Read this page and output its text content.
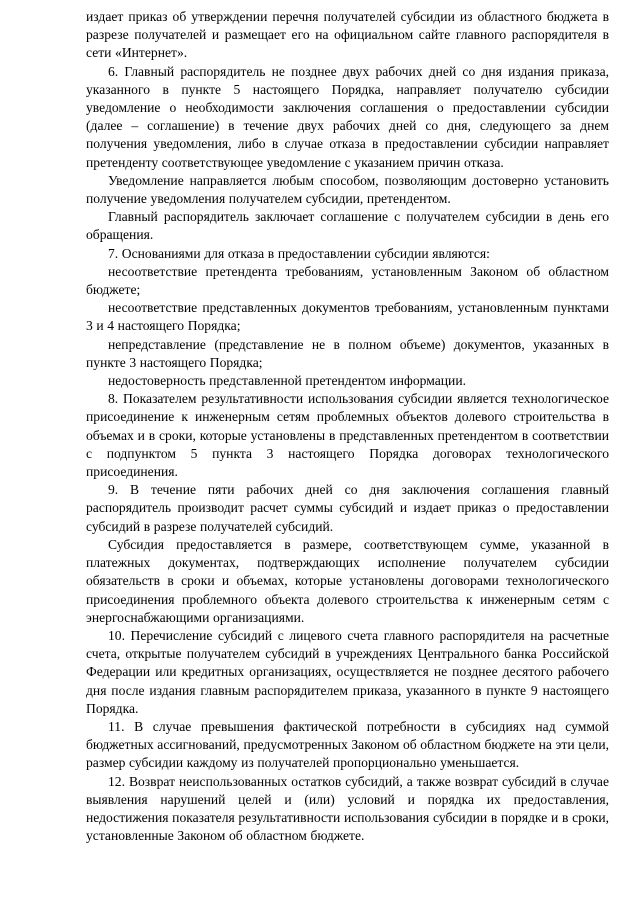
издает приказ об утверждении перечня получателей субсидии из областного бюджета в разрезе получателей и размещает его на официальном сайте главного распорядителя в сети «Интернет».

6. Главный распорядитель не позднее двух рабочих дней со дня издания приказа, указанного в пункте 5 настоящего Порядка, направляет получателю субсидии уведомление о необходимости заключения соглашения о предоставлении субсидии (далее – соглашение) в течение двух рабочих дней со дня, следующего за днем получения уведомления, либо в случае отказа в предоставлении субсидии направляет претенденту соответствующее уведомление с указанием причин отказа.

Уведомление направляется любым способом, позволяющим достоверно установить получение уведомления получателем субсидии, претендентом.

Главный распорядитель заключает соглашение с получателем субсидии в день его обращения.

7. Основаниями для отказа в предоставлении субсидии являются:

несоответствие претендента требованиям, установленным Законом об областном бюджете;

несоответствие представленных документов требованиям, установленным пунктами 3 и 4 настоящего Порядка;

непредставление (представление не в полном объеме) документов, указанных в пункте 3 настоящего Порядка;

недостоверность представленной претендентом информации.

8. Показателем результативности использования субсидии является технологическое присоединение к инженерным сетям проблемных объектов долевого строительства в объемах и в сроки, которые установлены в представленных претендентом в соответствии с подпунктом 5 пункта 3 настоящего Порядка договорах технологического присоединения.

9. В течение пяти рабочих дней со дня заключения соглашения главный распорядитель производит расчет суммы субсидий и издает приказ о предоставлении субсидий в разрезе получателей субсидий.

Субсидия предоставляется в размере, соответствующем сумме, указанной в платежных документах, подтверждающих исполнение получателем субсидии обязательств в сроки и объемах, которые установлены договорами технологического присоединения проблемного объекта долевого строительства к инженерным сетям с энергоснабжающими организациями.

10. Перечисление субсидий с лицевого счета главного распорядителя на расчетные счета, открытые получателем субсидий в учреждениях Центрального банка Российской Федерации или кредитных организациях, осуществляется не позднее десятого рабочего дня после издания главным распорядителем приказа, указанного в пункте 9 настоящего Порядка.

11. В случае превышения фактической потребности в субсидиях над суммой бюджетных ассигнований, предусмотренных Законом об областном бюджете на эти цели, размер субсидии каждому из получателей пропорционально уменьшается.

12. Возврат неиспользованных остатков субсидий, а также возврат субсидий в случае выявления нарушений целей и (или) условий и порядка их предоставления, недостижения показателя результативности использования субсидии в порядке и в сроки, установленные Законом об областном бюджете.
